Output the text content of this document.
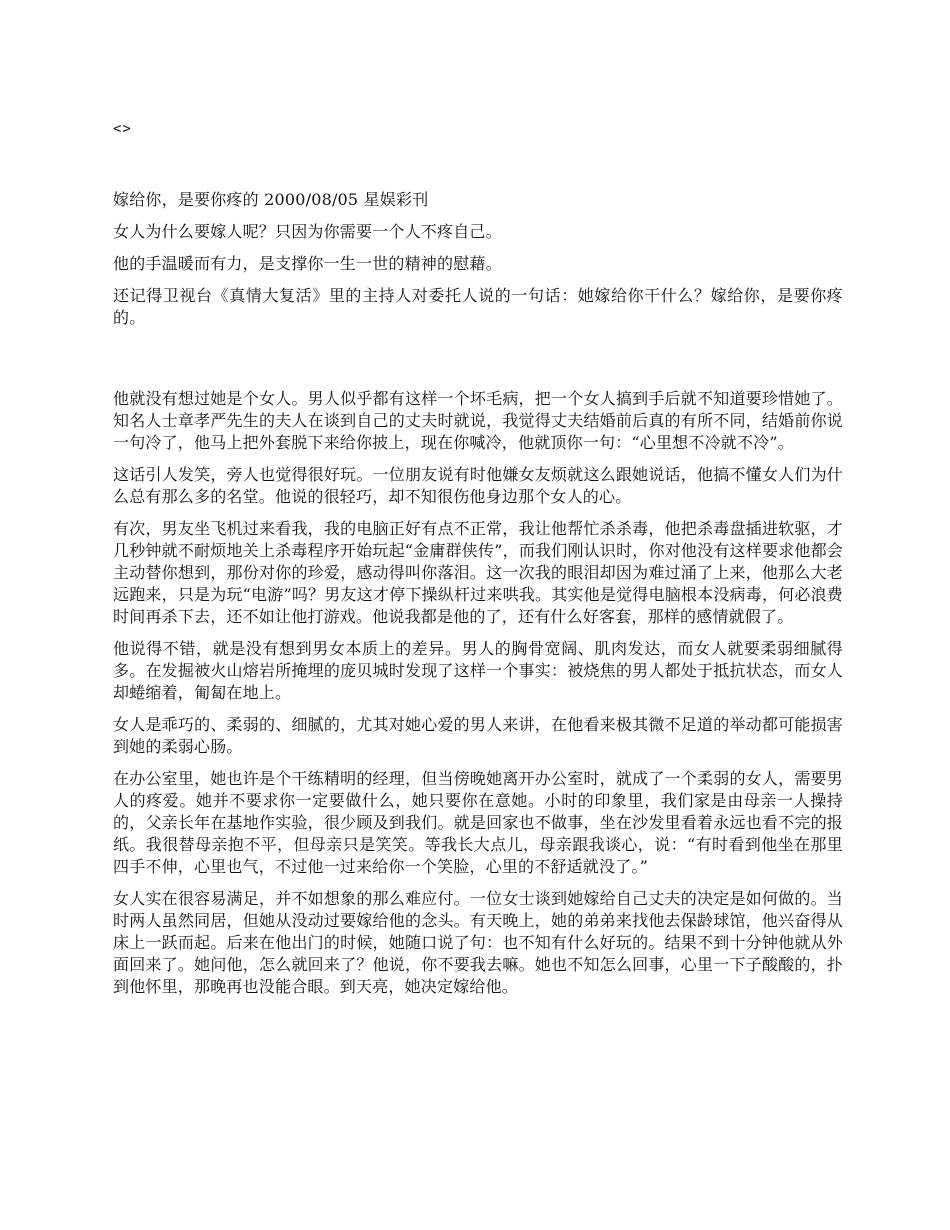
<>

嫁给你，是要你疼的 2000/08/05 星娱彩刊

女人为什么要嫁人呢？只因为你需要一个人不疼自己。

他的手温暖而有力，是支撑你一生一世的精神的慰藉。

还记得卫视台《真情大复活》里的主持人对委托人说的一句话：她嫁给你干什么？嫁给你，是要你疼的。

他就没有想过她是个女人。男人似乎都有这样一个坏毛病，把一个女人搞到手后就不知道要珍惜她了。知名人士章孝严先生的夫人在谈到自己的丈夫时就说，我觉得丈夫结婚前后真的有所不同，结婚前你说一句冷了，他马上把外套脱下来给你披上，现在你喊冷，他就顶你一句：“心里想不冷就不冷”。

这话引人发笑，旁人也觉得很好玩。一位朋友说有时他嫌女友烦就这么跟她说话，他搞不懂女人们为什么总有那么多的名堂。他说的很轻巧，却不知很伤他身边那个女人的心。

有次，男友坐飞机过来看我，我的电脑正好有点不正常，我让他帮忙杀杀毒，他把杀毒盘插进软驱，才几秒钟就不耐烦地关上杀毒程序开始玩起“金庸群侠传”，而我们刚认识时，你对他没有这样要求他都会主动替你想到，那份对你的珍爱，感动得叫你落泪。这一次我的眼泪却因为难过涌了上来，他那么大老远跑来，只是为玩“电游”吗？男友这才停下操纵杆过来哄我。其实他是觉得电脑根本没病毒，何必浪费时间再杀下去，还不如让他打游戏。他说我都是他的了，还有什么好客套，那样的感情就假了。

他说得不错，就是没有想到男女本质上的差异。男人的胸骨宽阔、肌肉发达，而女人就要柔弱细腻得多。在发掘被火山熔岩所掩埋的庞贝城时发现了这样一个事实：被烧焦的男人都处于抵抗状态，而女人却蜷缩着，匍匐在地上。

女人是乖巧的、柔弱的、细腻的，尤其对她心爱的男人来讲，在他看来极其微不足道的举动都可能损害到她的柔弱心肠。

在办公室里，她也许是个干练精明的经理，但当傍晚她离开办公室时，就成了一个柔弱的女人，需要男人的疼爱。她并不要求你一定要做什么，她只要你在意她。小时的印象里，我们家是由母亲一人操持的，父亲长年在基地作实验，很少顾及到我们。就是回家也不做事，坐在沙发里看着永远也看不完的报纸。我很替母亲抱不平，但母亲只是笑笑。等我长大点儿，母亲跟我谈心，说：“有时看到他坐在那里四手不伸，心里也气，不过他一过来给你一个笑脸，心里的不舒适就没了。”

女人实在很容易满足，并不如想象的那么难应付。一位女士谈到她嫁给自己丈夫的决定是如何做的。当时两人虽然同居，但她从没动过要嫁给他的念头。有天晚上，她的弟弟来找他去保龄球馆，他兴奋得从床上一跃而起。后来在他出门的时候，她随口说了句：也不知有什么好玩的。结果不到十分钟他就从外面回来了。她问他，怎么就回来了？他说，你不要我去嘛。她也不知怎么回事，心里一下子酸酸的，扑到他怀里，那晚再也没能合眼。到天亮，她决定嫁给他。
